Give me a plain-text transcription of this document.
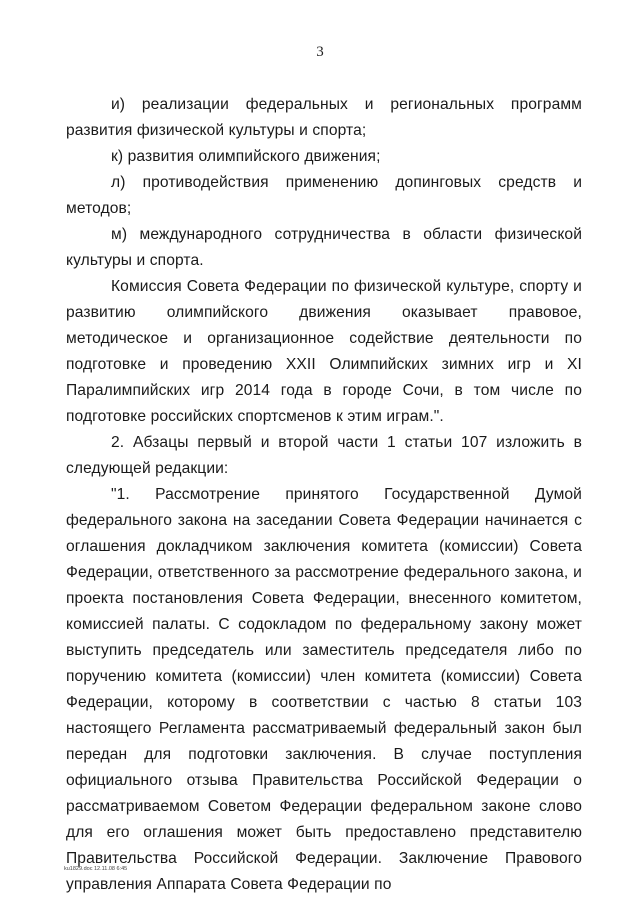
3

и) реализации федеральных и региональных программ развития физической культуры и спорта;

к) развития олимпийского движения;

л) противодействия применению допинговых средств и методов;

м) международного сотрудничества в области физической культуры и спорта.

Комиссия Совета Федерации по физической культуре, спорту и развитию олимпийского движения оказывает правовое, методическое и организационное содействие деятельности по подготовке и проведению XXII Олимпийских зимних игр и XI Паралимпийских игр 2014 года в городе Сочи, в том числе по подготовке российских спортсменов к этим играм.".

2. Абзацы первый и второй части 1 статьи 107 изложить в следующей редакции:

"1. Рассмотрение принятого Государственной Думой федерального закона на заседании Совета Федерации начинается с оглашения докладчиком заключения комитета (комиссии) Совета Федерации, ответственного за рассмотрение федерального закона, и проекта постановления Совета Федерации, внесенного комитетом, комиссией палаты. С содокладом по федеральному закону может выступить председатель или заместитель председателя либо по поручению комитета (комиссии) член комитета (комиссии) Совета Федерации, которому в соответствии с частью 8 статьи 103 настоящего Регламента рассматриваемый федеральный закон был передан для подготовки заключения. В случае поступления официального отзыва Правительства Российской Федерации о рассматриваемом Советом Федерации федеральном законе слово для его оглашения может быть предоставлено представителю Правительства Российской Федерации. Заключение Правового управления Аппарата Совета Федерации по

ku1829.doc 12.11.08 6:45
